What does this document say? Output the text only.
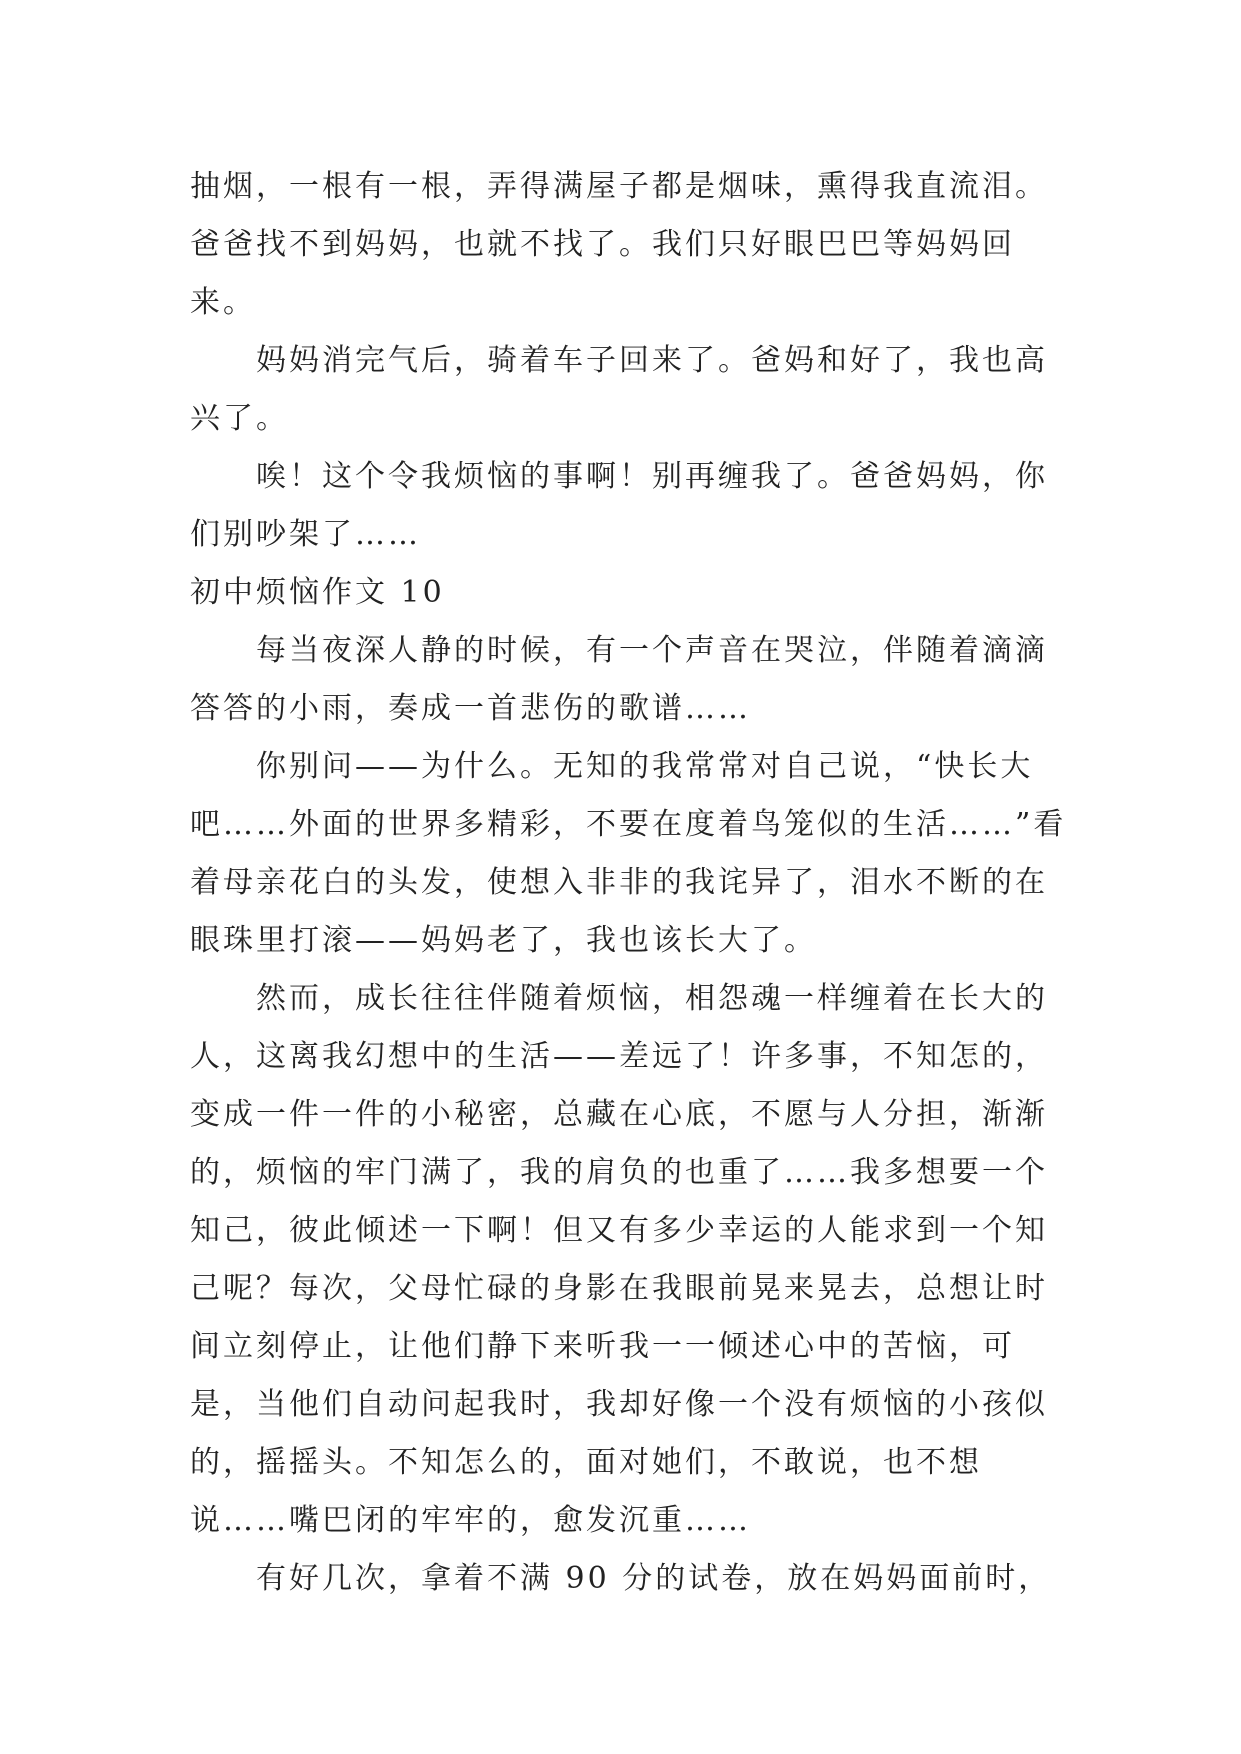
抽烟，一根有一根，弄得满屋子都是烟味，熏得我直流泪。爸爸找不到妈妈，也就不找了。我们只好眼巴巴等妈妈回来。

妈妈消完气后，骑着车子回来了。爸妈和好了，我也高兴了。

唉！这个令我烦恼的事啊！别再缠我了。爸爸妈妈，你们别吵架了……

初中烦恼作文 10

每当夜深人静的时候，有一个声音在哭泣，伴随着滴滴答答的小雨，奏成一首悲伤的歌谱……

你别问——为什么。无知的我常常对自己说，“快长大吧……外面的世界多精彩，不要在度着鸟笼似的生活……”看着母亲花白的头发，使想入非非的我诧异了，泪水不断的在眼珠里打滚——妈妈老了，我也该长大了。

然而，成长往往伴随着烦恼，相怨魂一样缠着在长大的人，这离我幻想中的生活——差远了！许多事，不知怎的，变成一件一件的小秘密，总藏在心底，不愿与人分担，渐渐的，烦恼的牢门满了，我的肩负的也重了……我多想要一个知己，彼此倾述一下啊！但又有多少幸运的人能求到一个知己呢？每次，父母忙碌的身影在我眼前晃来晃去，总想让时间立刻停止，让他们静下来听我一一倾述心中的苦恼，可是，当他们自动问起我时，我却好像一个没有烦恼的小孩似的，摇摇头。不知怎么的，面对她们，不敢说，也不想说……嘴巴闭的牢牢的，愈发沉重……

有好几次，拿着不满 90 分的试卷，放在妈妈面前时，
